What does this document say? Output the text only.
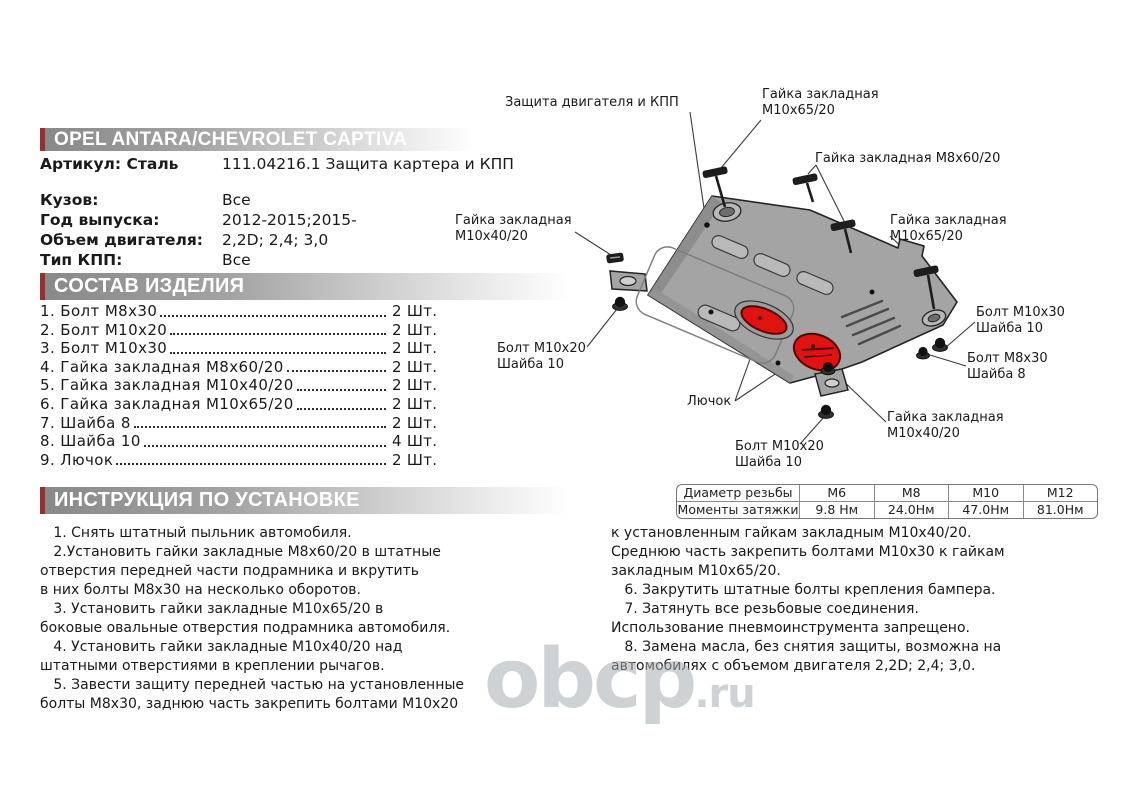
OPEL ANTARA/CHEVROLET CAPTIVA
Артикул: Сталь	111.04216.1 Защита картера и КПП
Кузов:	Все
Год выпуска:	2012-2015;2015-
Объем двигателя: 2,2D; 2,4; 3,0
Тип КПП:	Все
СОСТАВ ИЗДЕЛИЯ
1. Болт М8х30	2 Шт.
2. Болт М10х20	2 Шт.
3. Болт М10х30	2 Шт.
4. Гайка закладная М8х60/20	2 Шт.
5. Гайка закладная М10х40/20	2 Шт.
6. Гайка закладная М10х65/20	2 Шт.
7. Шайба 8	2 Шт.
8. Шайба 10	4 Шт.
9. Лючок	2 Шт.
ИНСТРУКЦИЯ ПО УСТАНОВКЕ
1. Снять штатный пыльник автомобиля.
2.Установить гайки закладные М8х60/20 в штатные
отверстия передней части подрамника и вкрутить
в них болты М8х30 на несколько оборотов.
3. Установить гайки закладные М10х65/20 в
боковые овальные отверстия подрамника автомобиля.
4. Установить гайки закладные М10х40/20 над
штатными отверстиями в креплении рычагов.
5. Завести защиту передней частью на установленные
болты М8х30, заднюю часть закрепить болтами М10х20
к установленным гайкам закладным М10х40/20.
Среднюю часть закрепить болтами М10х30 к гайкам
закладным М10х65/20.
6. Закрутить штатные болты крепления бампера.
7. Затянуть все резьбовые соединения.
Использование пневмоинструмента запрещено.
8. Замена масла, без снятия защиты, возможна на
автомобилях с объемом двигателя 2,2D; 2,4; 3,0.
Диаметр резьбы	М6	М8	М10	М12
Моменты затяжки	9.8 Нм	24.0Нм	47.0Нм	81.0Нм
Защита двигателя и КПП
Гайка закладная
М10х65/20
Гайка закладная М8х60/20
Гайка закладная
М10х40/20
Гайка закладная
М10х65/20
Болт М10х20
Шайба 10
Болт М10х30
Шайба 10
Болт М8х30
Шайба 8
Лючок
Гайка закладная
М10х40/20
Болт М10х20
Шайба 10
obcp.ru
